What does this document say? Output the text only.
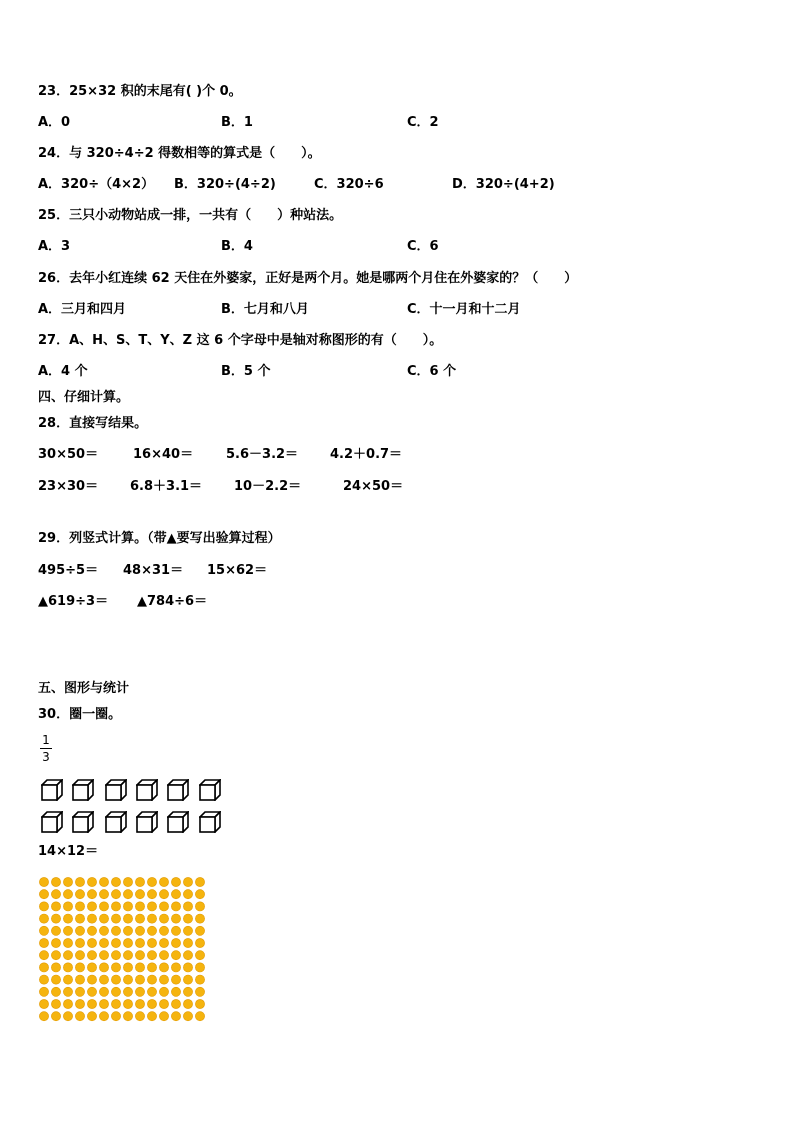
23．25×32 积的末尾有( )个 0。
A．0	B．1	C．2
24．与 320÷4÷2 得数相等的算式是（　　）。
A．320÷（4×2） B．320÷(4÷2)	C．320÷6	D．320÷(4+2)
25．三只小动物站成一排，一共有（　　）种站法。
A．3	B．4	C．6
26．去年小红连续 62 天住在外婆家，正好是两个月。她是哪两个月住在外婆家的？（　　）
A．三月和四月	B．七月和八月	C．十一月和十二月
27．A、H、S、T、Y、Z 这 6 个字母中是轴对称图形的有（　　）。
A．4 个	B．5 个	C．6 个
四、仔细计算。
28．直接写结果。
30×50＝	16×40＝	5.6－3.2＝ 4.2＋0.7＝
23×30＝ 6.8＋3.1＝ 10－2.2＝	24×50＝
29．列竖式计算。（带▲要写出验算过程）
495÷5＝ 48×31＝ 15×62＝
▲619÷3＝ ▲784÷6＝
五、图形与统计
30．圈一圈。
1
3
14×12＝
